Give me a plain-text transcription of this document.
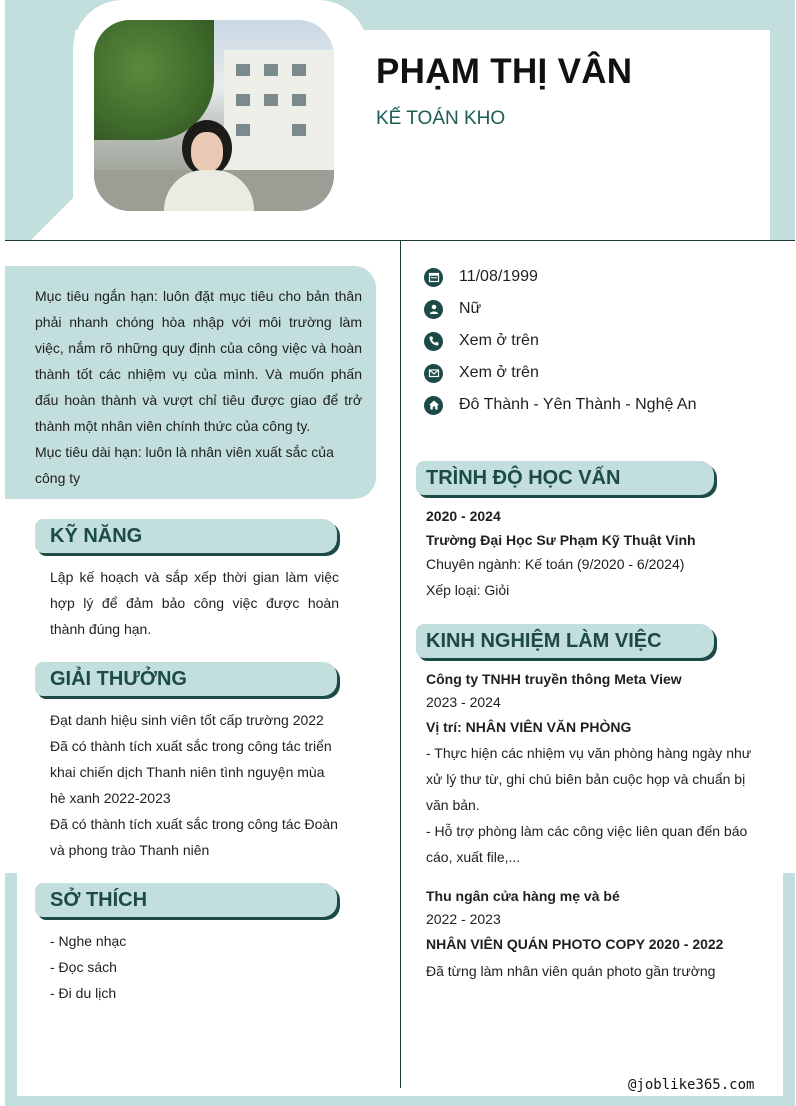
PHẠM THỊ VÂN
KẾ TOÁN KHO

Mục tiêu ngắn hạn: luôn đặt mục tiêu cho bản thân phải nhanh chóng hòa nhập với môi trường làm việc, nắm rõ những quy định của công việc và hoàn thành tốt các nhiệm vụ của mình. Và muốn phấn đấu hoàn thành và vượt chỉ tiêu được giao để trở thành một nhân viên chính thức của công ty.

Mục tiêu dài hạn: luôn là nhân viên xuất sắc của công ty

KỸ NĂNG
Lập kế hoạch và sắp xếp thời gian làm việc hợp lý để đảm bảo công việc được hoàn thành đúng hạn.
GIẢI THƯỞNG
Đạt danh hiệu sinh viên tốt cấp trường 2022
Đã có thành tích xuất sắc trong công tác triển
khai chiến dịch Thanh niên tình nguyện mùa
hè xanh 2022-2023
Đã có thành tích xuất sắc trong công tác Đoàn
và phong trào Thanh niên
SỞ THÍCH
- Nghe nhạc
- Đọc sách
- Đi du lịch
11/08/1999
Nữ
Xem ở trên
Xem ở trên
Đô Thành - Yên Thành - Nghệ An
TRÌNH ĐỘ HỌC VẤN
2020 - 2024
Trường Đại Học Sư Phạm Kỹ Thuật Vinh
Chuyên ngành: Kế toán (9/2020 - 6/2024)
Xếp loại: Giỏi
KINH NGHIỆM LÀM VIỆC
Công ty TNHH truyền thông Meta View
2023 - 2024
Vị trí: NHÂN VIÊN VĂN PHÒNG
- Thực hiện các nhiệm vụ văn phòng hàng ngày như
xử lý thư từ, ghi chú biên bản cuộc họp và chuẩn bị
văn bản.
- Hỗ trợ phòng làm các công việc liên quan đến báo
cáo, xuất file,...
Thu ngân cửa hàng mẹ và bé
2022 - 2023
NHÂN VIÊN QUÁN PHOTO COPY 2020 - 2022
Đã từng làm nhân viên quán photo gần trường
@joblike365.com
